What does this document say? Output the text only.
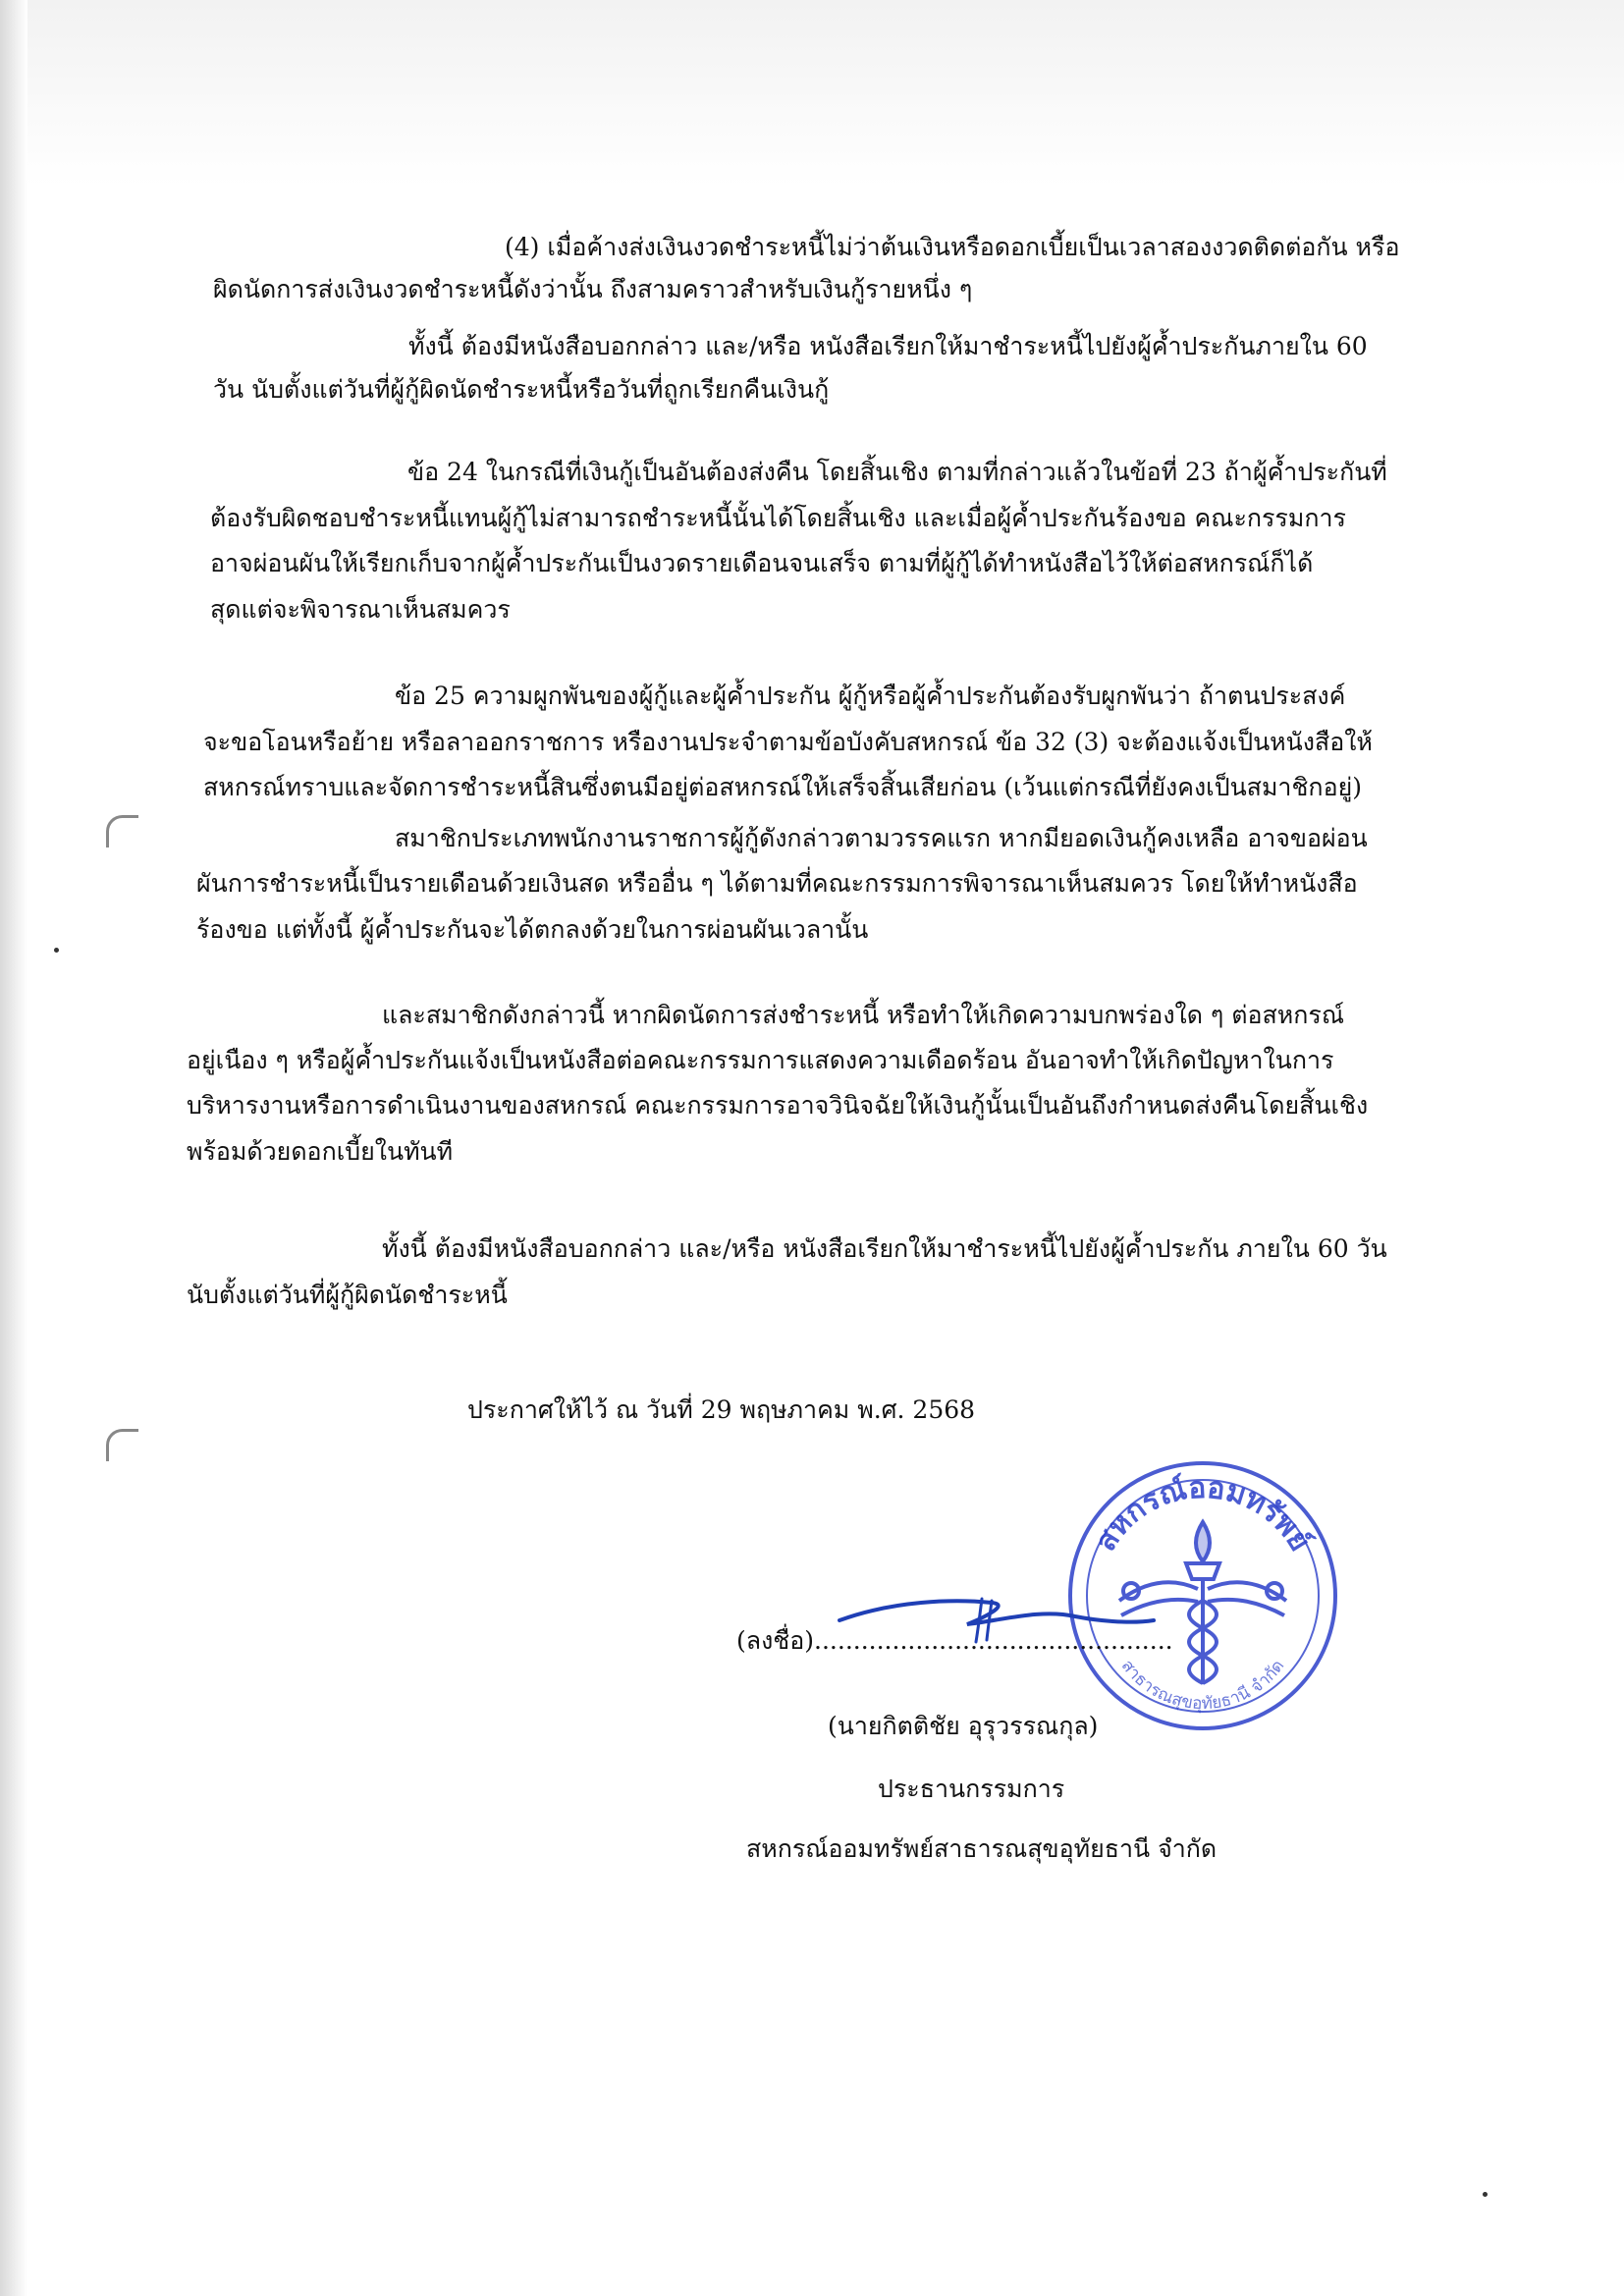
(4) เมื่อค้างส่งเงินงวดชำระหนี้ไม่ว่าต้นเงินหรือดอกเบี้ยเป็นเวลาสองงวดติดต่อกัน หรือ
ผิดนัดการส่งเงินงวดชำระหนี้ดังว่านั้น ถึงสามคราวสำหรับเงินกู้รายหนึ่ง ๆ
ทั้งนี้ ต้องมีหนังสือบอกกล่าว และ/หรือ หนังสือเรียกให้มาชำระหนี้ไปยังผู้ค้ำประกันภายใน 60
วัน นับตั้งแต่วันที่ผู้กู้ผิดนัดชำระหนี้หรือวันที่ถูกเรียกคืนเงินกู้
ข้อ 24 ในกรณีที่เงินกู้เป็นอันต้องส่งคืน โดยสิ้นเชิง ตามที่กล่าวแล้วในข้อที่ 23 ถ้าผู้ค้ำประกันที่
ต้องรับผิดชอบชำระหนี้แทนผู้กู้ไม่สามารถชำระหนี้นั้นได้โดยสิ้นเชิง และเมื่อผู้ค้ำประกันร้องขอ คณะกรรมการ
อาจผ่อนผันให้เรียกเก็บจากผู้ค้ำประกันเป็นงวดรายเดือนจนเสร็จ ตามที่ผู้กู้ได้ทำหนังสือไว้ให้ต่อสหกรณ์ก็ได้
สุดแต่จะพิจารณาเห็นสมควร
ข้อ 25 ความผูกพันของผู้กู้และผู้ค้ำประกัน ผู้กู้หรือผู้ค้ำประกันต้องรับผูกพันว่า ถ้าตนประสงค์
จะขอโอนหรือย้าย หรือลาออกราชการ หรืองานประจำตามข้อบังคับสหกรณ์ ข้อ 32 (3) จะต้องแจ้งเป็นหนังสือให้
สหกรณ์ทราบและจัดการชำระหนี้สินซึ่งตนมีอยู่ต่อสหกรณ์ให้เสร็จสิ้นเสียก่อน (เว้นแต่กรณีที่ยังคงเป็นสมาชิกอยู่)
สมาชิกประเภทพนักงานราชการผู้กู้ดังกล่าวตามวรรคแรก หากมียอดเงินกู้คงเหลือ อาจขอผ่อน
ผันการชำระหนี้เป็นรายเดือนด้วยเงินสด หรืออื่น ๆ ได้ตามที่คณะกรรมการพิจารณาเห็นสมควร โดยให้ทำหนังสือ
ร้องขอ แต่ทั้งนี้ ผู้ค้ำประกันจะได้ตกลงด้วยในการผ่อนผันเวลานั้น
และสมาชิกดังกล่าวนี้ หากผิดนัดการส่งชำระหนี้ หรือทำให้เกิดความบกพร่องใด ๆ ต่อสหกรณ์
อยู่เนือง ๆ หรือผู้ค้ำประกันแจ้งเป็นหนังสือต่อคณะกรรมการแสดงความเดือดร้อน อันอาจทำให้เกิดปัญหาในการ
บริหารงานหรือการดำเนินงานของสหกรณ์ คณะกรรมการอาจวินิจฉัยให้เงินกู้นั้นเป็นอันถึงกำหนดส่งคืนโดยสิ้นเชิง
พร้อมด้วยดอกเบี้ยในทันที
ทั้งนี้ ต้องมีหนังสือบอกกล่าว และ/หรือ หนังสือเรียกให้มาชำระหนี้ไปยังผู้ค้ำประกัน ภายใน 60 วัน
นับตั้งแต่วันที่ผู้กู้ผิดนัดชำระหนี้
ประกาศให้ไว้ ณ วันที่ 29 พฤษภาคม พ.ศ. 2568
สหกรณ์ออมทรัพย์
สาธารณสุขอุทัยธานี จำกัด
(ลงชื่อ)..............................................
(นายกิตติชัย อุรุวรรณกุล)
ประธานกรรมการ
สหกรณ์ออมทรัพย์สาธารณสุขอุทัยธานี จำกัด
